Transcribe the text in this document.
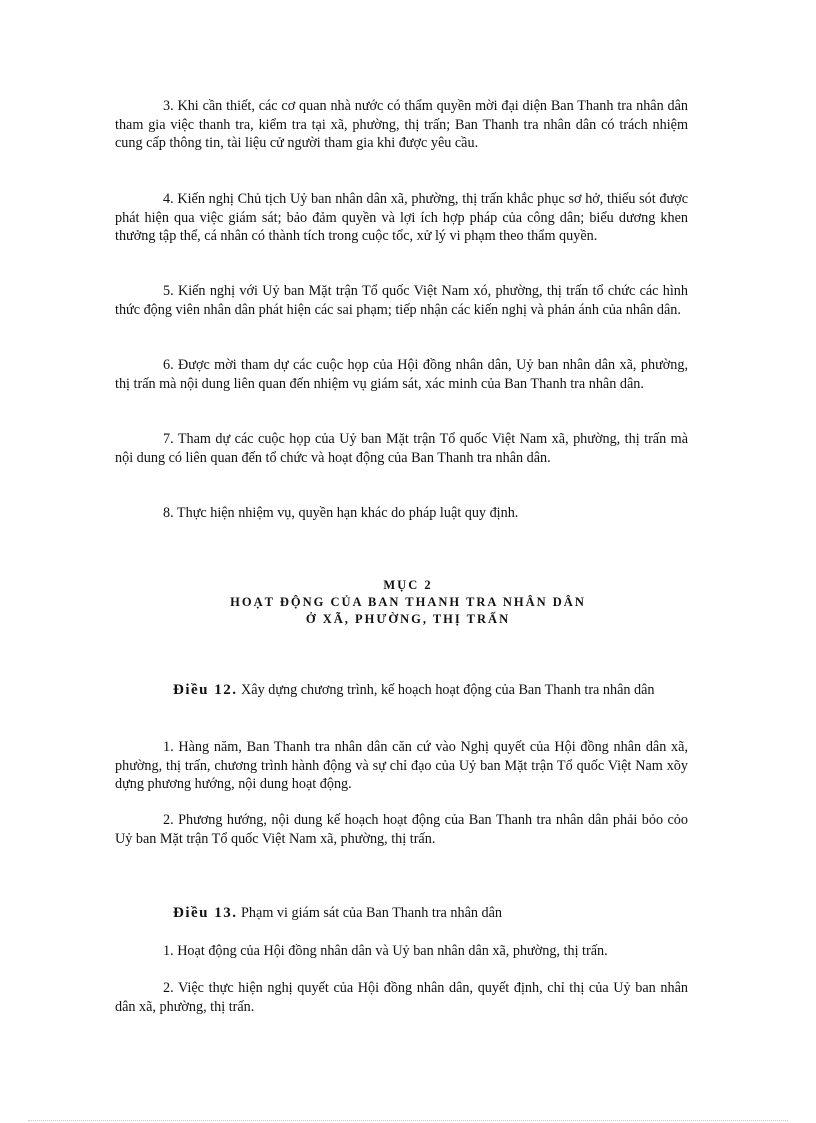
3. Khi cần thiết, các cơ quan nhà nước có thẩm quyền mời đại diện Ban Thanh tra nhân dân tham gia việc thanh tra, kiểm tra tại xã, phường, thị trấn; Ban Thanh tra nhân dân có trách nhiệm cung cấp thông tin, tài liệu cử người tham gia khi được yêu cầu.

4. Kiến nghị Chủ tịch Uỷ ban nhân dân xã, phường, thị trấn khắc phục sơ hở, thiếu sót được phát hiện qua việc giám sát; bảo đảm quyền và lợi ích hợp pháp của công dân; biểu dương khen thưởng tập thể, cá nhân có thành tích trong cuộc tổc, xử lý vi phạm theo thẩm quyền.

5. Kiến nghị với Uỷ ban Mặt trận Tổ quốc Việt Nam xó, phường, thị trấn tổ chức các hình thức động viên nhân dân phát hiện các sai phạm; tiếp nhận các kiến nghị và phản ánh của nhân dân.

6. Được mời tham dự các cuộc họp của Hội đồng nhân dân, Uỷ ban nhân dân xã, phường, thị trấn mà nội dung liên quan đến nhiệm vụ giám sát, xác minh của Ban Thanh tra nhân dân.

7. Tham dự các cuộc họp của Uỷ ban Mặt trận Tổ quốc Việt Nam xã, phường, thị trấn mà nội dung có liên quan đến tổ chức và hoạt động của Ban Thanh tra nhân dân.

8. Thực hiện nhiệm vụ, quyền hạn khác do pháp luật quy định.

MỤC 2
HOẠT ĐỘNG CỦA BAN THANH TRA NHÂN DÂN
Ở XÃ, PHƯỜNG, THỊ TRẤN

Điều 12. Xây dựng chương trình, kế hoạch hoạt động của Ban Thanh tra nhân dân

1. Hàng năm, Ban Thanh tra nhân dân căn cứ vào Nghị quyết của Hội đồng nhân dân xã, phường, thị trấn, chương trình hành động và sự chỉ đạo của Uỷ ban Mặt trận Tổ quốc Việt Nam xõy dựng phương hướng, nội dung hoạt động.

2. Phương hướng, nội dung kế hoạch hoạt động của Ban Thanh tra nhân dân phải bỏo cỏo Uỷ ban Mặt trận Tổ quốc Việt Nam xã, phường, thị trấn.

Điều 13. Phạm vi giám sát của Ban Thanh tra nhân dân

1. Hoạt động của Hội đồng nhân dân và Uỷ ban nhân dân xã, phường, thị trấn.

2. Việc thực hiện nghị quyết của Hội đồng nhân dân, quyết định, chỉ thị của Uỷ ban nhân dân xã, phường, thị trấn.
